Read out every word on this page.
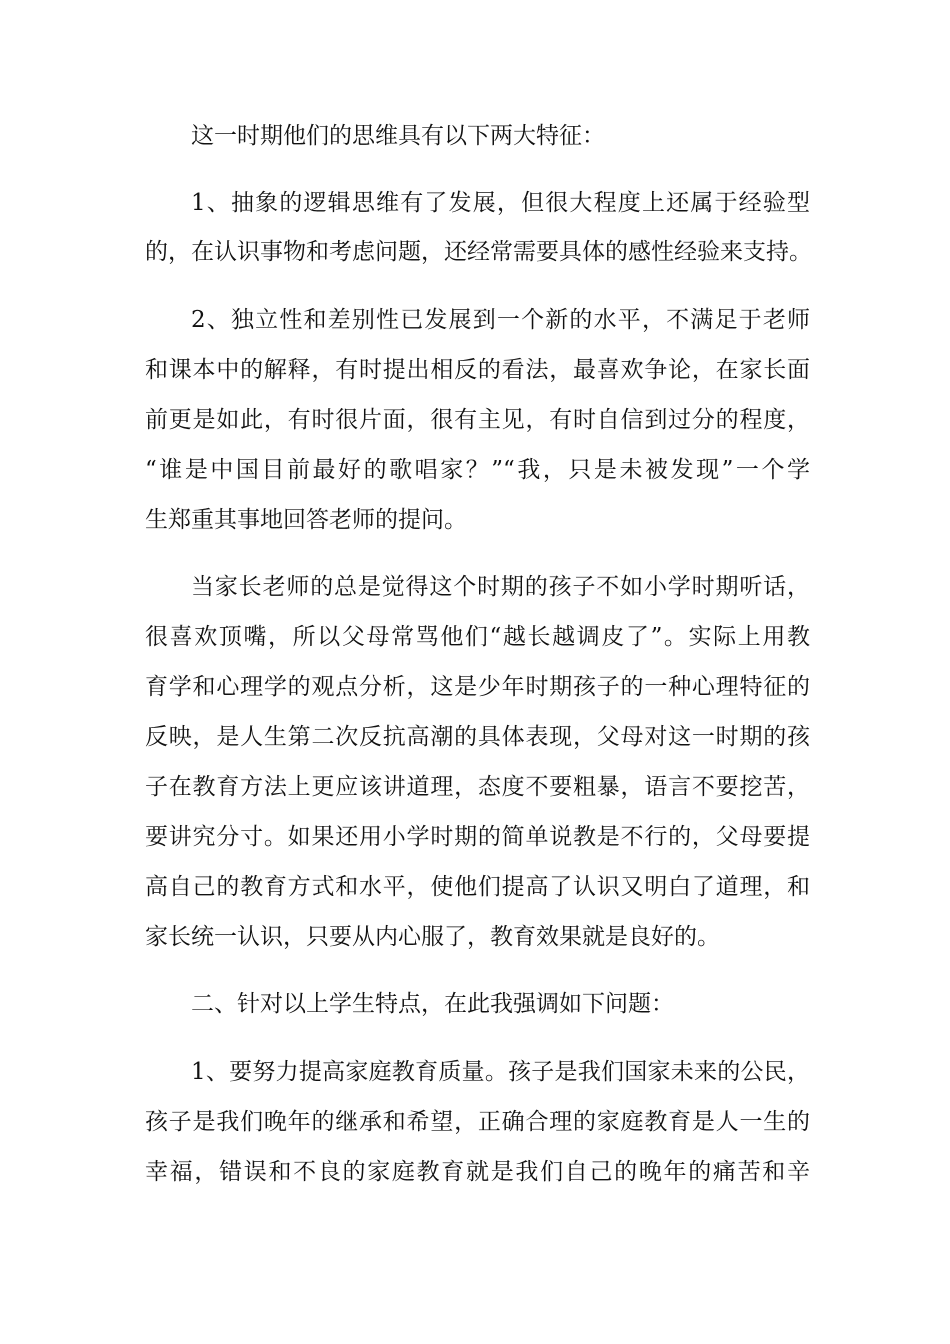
这一时期他们的思维具有以下两大特征：
1、抽象的逻辑思维有了发展，但很大程度上还属于经验型
的，在认识事物和考虑问题，还经常需要具体的感性经验来支持。
2、独立性和差别性已发展到一个新的水平，不满足于老师
和课本中的解释，有时提出相反的看法，最喜欢争论，在家长面
前更是如此，有时很片面，很有主见，有时自信到过分的程度，
“谁是中国目前最好的歌唱家？”“我，只是未被发现”一个学
生郑重其事地回答老师的提问。
当家长老师的总是觉得这个时期的孩子不如小学时期听话，
很喜欢顶嘴，所以父母常骂他们“越长越调皮了”。实际上用教
育学和心理学的观点分析，这是少年时期孩子的一种心理特征的
反映，是人生第二次反抗高潮的具体表现，父母对这一时期的孩
子在教育方法上更应该讲道理，态度不要粗暴，语言不要挖苦，
要讲究分寸。如果还用小学时期的简单说教是不行的，父母要提
高自己的教育方式和水平，使他们提高了认识又明白了道理，和
家长统一认识，只要从内心服了，教育效果就是良好的。
二、针对以上学生特点，在此我强调如下问题：
1、要努力提高家庭教育质量。孩子是我们国家未来的公民，
孩子是我们晚年的继承和希望，正确合理的家庭教育是人一生的
幸福，错误和不良的家庭教育就是我们自己的晚年的痛苦和辛
